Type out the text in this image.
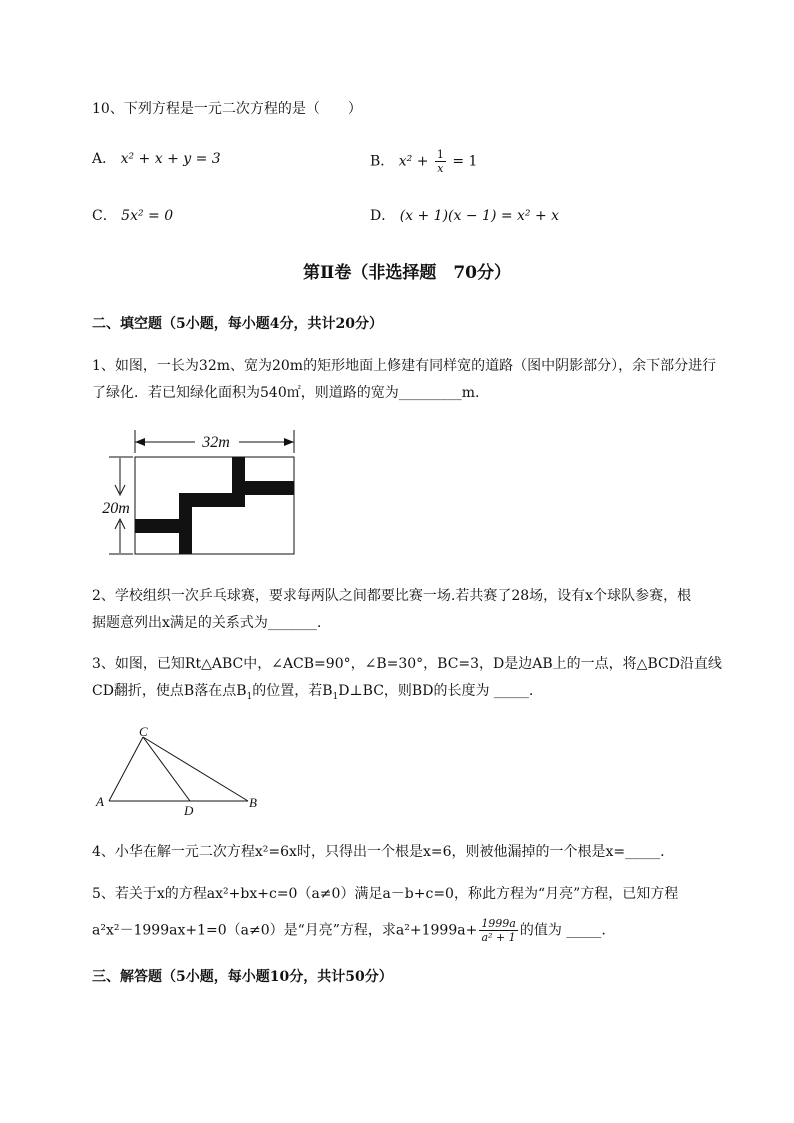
10、下列方程是一元二次方程的是（　　）
A． x² + x + y = 3	B． $x^2 + \frac{1}{x} = 1$
C． 5x² = 0	D． (x + 1)(x − 1) = x² + x
第Ⅱ卷（非选择题　70分）
二、填空题（5小题，每小题4分，共计20分）
1、如图，一长为32m、宽为20m的矩形地面上修建有同样宽的道路（图中阴影部分），余下部分进行
了绿化．若已知绿化面积为540㎡，则道路的宽为_________m.
32m
20m
2、学校组织一次乒乓球赛，要求每两队之间都要比赛一场.若共赛了28场，设有x个球队参赛，根
据题意列出x满足的关系式为_______.
3、如图，已知Rt△ABC中，∠ACB=90°，∠B=30°，BC=3，D是边AB上的一点，将△BCD沿直线
CD翻折，使点B落在点$B_1$的位置，若$B_1D\perp BC$，则BD的长度为 _____.
C
A	B
D
4、小华在解一元二次方程x²=6x时，只得出一个根是x=6，则被他漏掉的一个根是x=_____.
5、若关于x的方程ax²+bx+c=0（a≠0）满足a－b+c=0，称此方程为“月亮”方程，已知方程
a²x²－1999ax+1=0（a≠0）是“月亮”方程，求$a^2+1999a+ \frac{1999a}{\text{a² + 1}}$ 的值为 _____.
三、解答题（5小题，每小题10分，共计50分）
